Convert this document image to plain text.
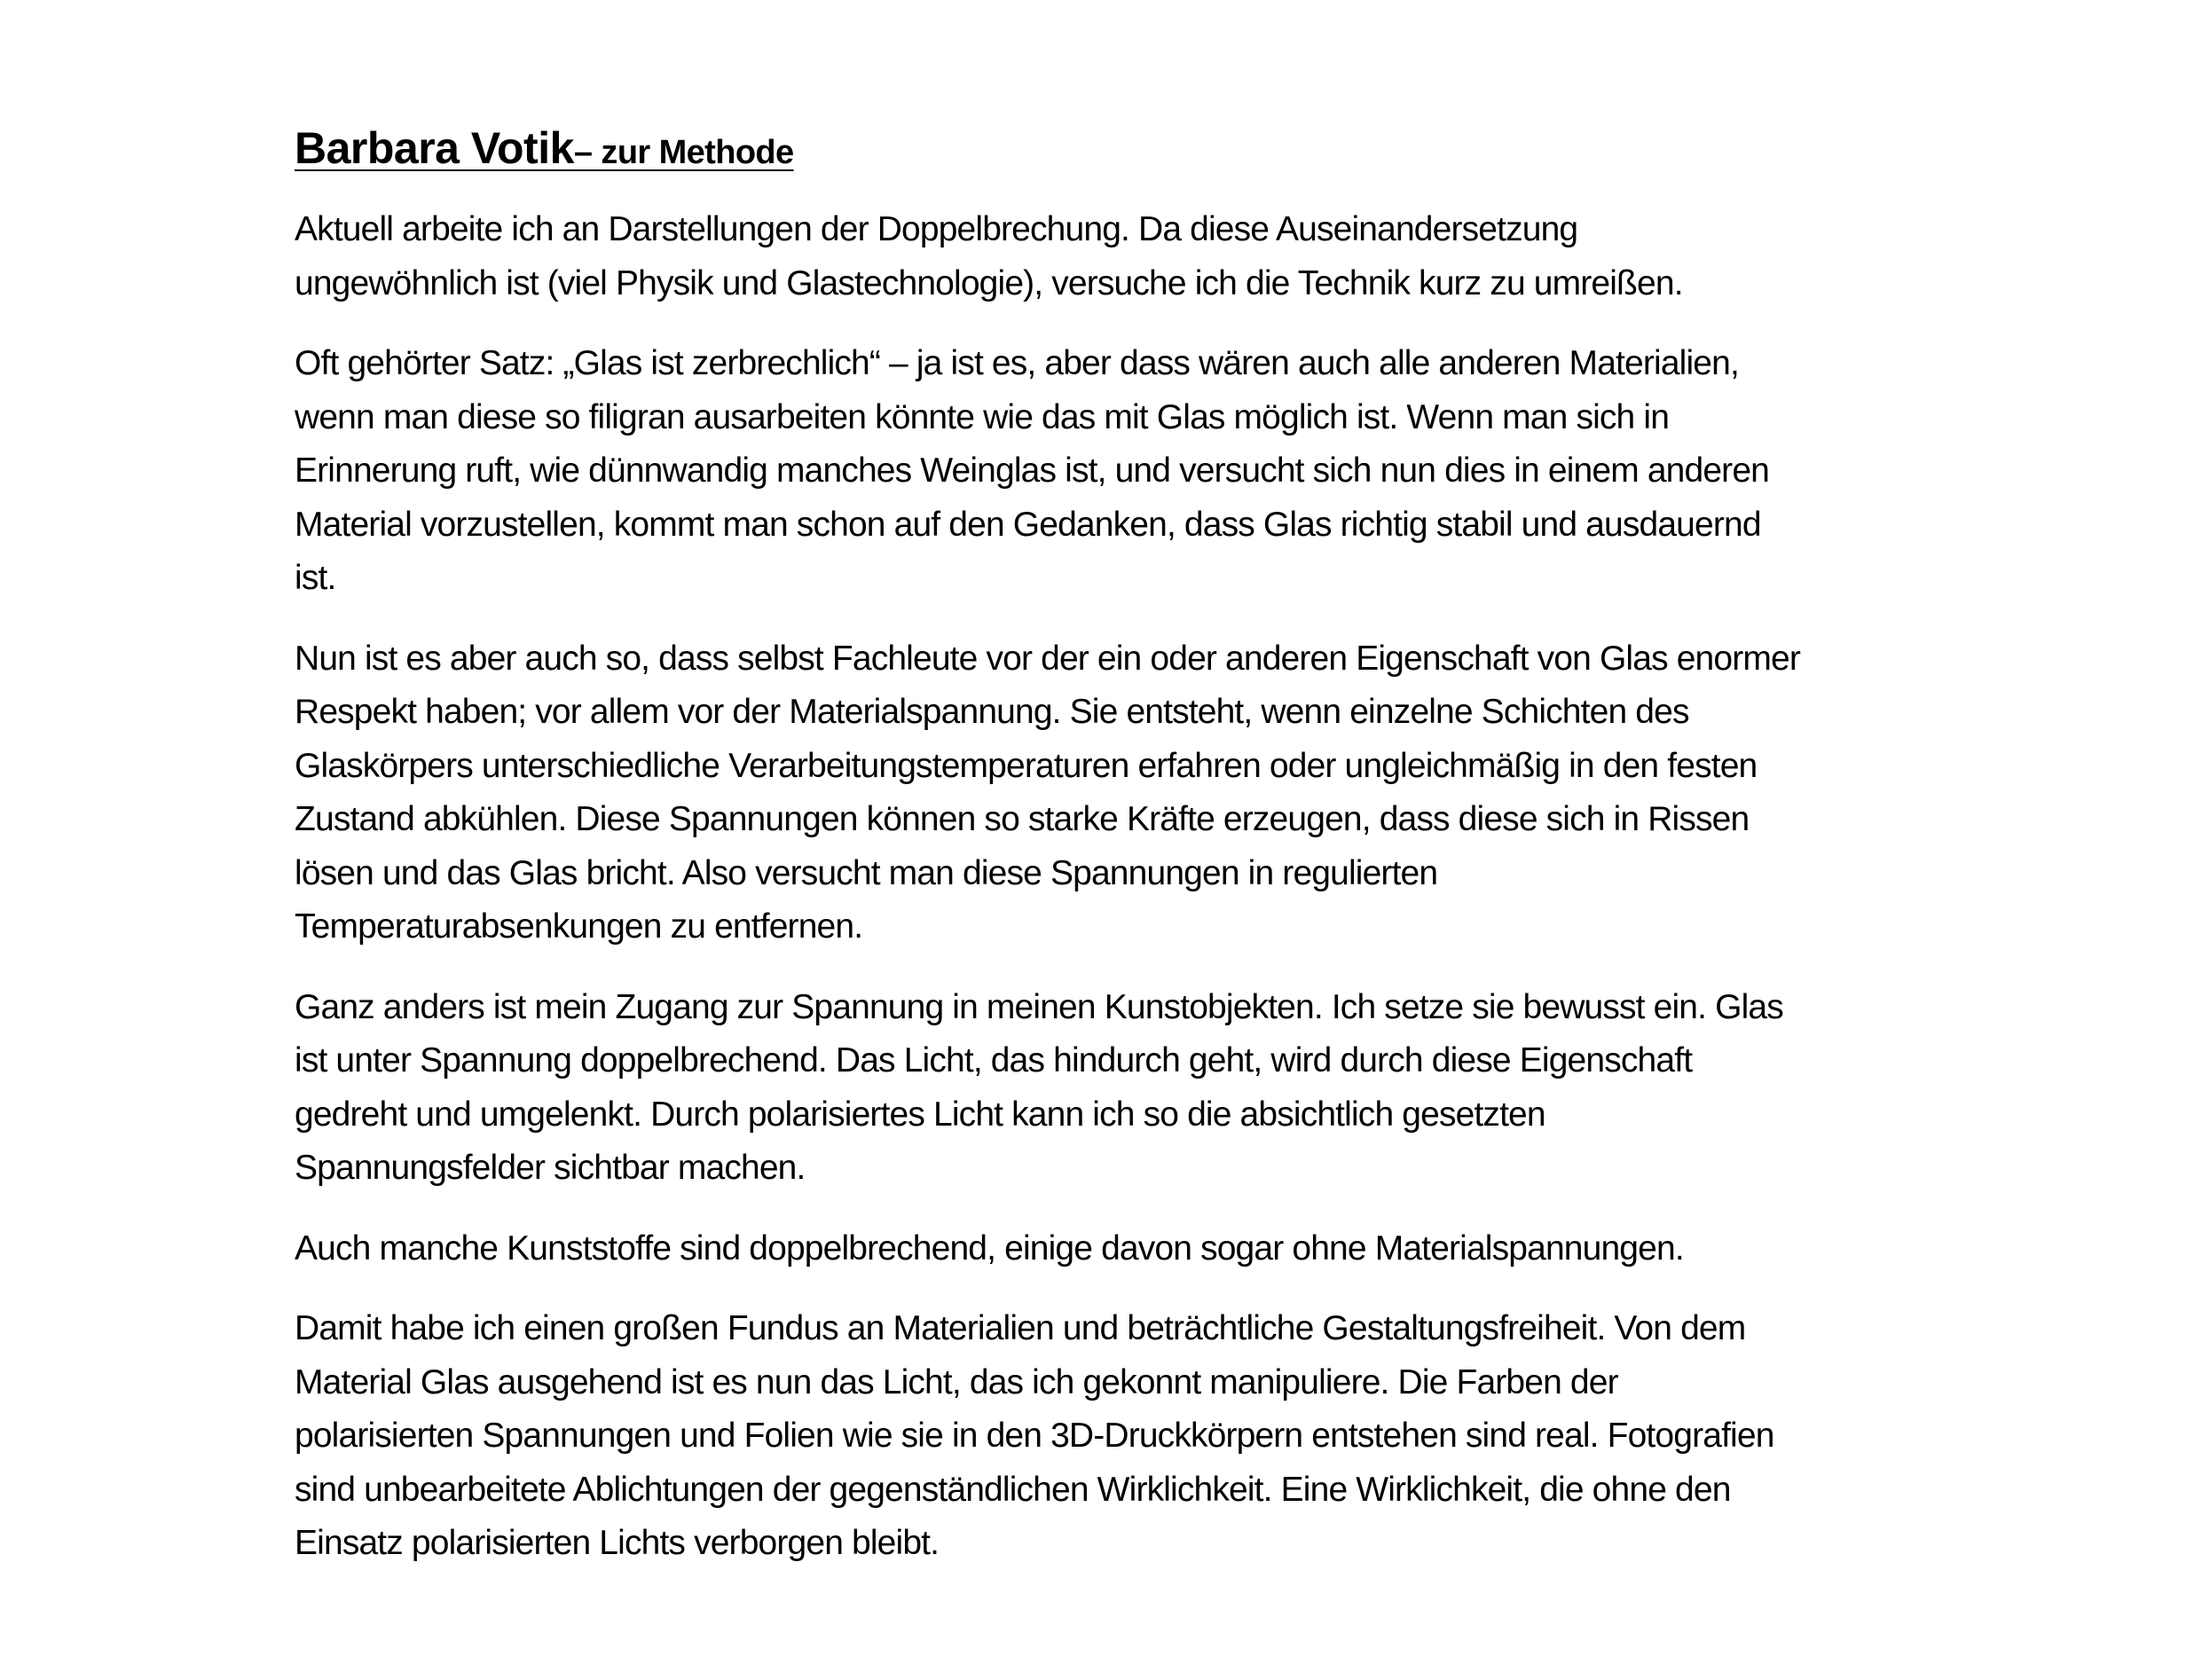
Barbara Votik– zur Methode

Aktuell arbeite ich an Darstellungen der Doppelbrechung. Da diese Auseinandersetzung
ungewöhnlich ist (viel Physik und Glastechnologie), versuche ich die Technik kurz zu umreißen.

Oft gehörter Satz: „Glas ist zerbrechlich“ – ja ist es, aber dass wären auch alle anderen Materialien,
wenn man diese so filigran ausarbeiten könnte wie das mit Glas möglich ist. Wenn man sich in
Erinnerung ruft, wie dünnwandig manches Weinglas ist, und versucht sich nun dies in einem anderen
Material vorzustellen, kommt man schon auf den Gedanken, dass Glas richtig stabil und ausdauernd
ist.

Nun ist es aber auch so, dass selbst Fachleute vor der ein oder anderen Eigenschaft von Glas enormer
Respekt haben; vor allem vor der Materialspannung. Sie entsteht, wenn einzelne Schichten des
Glaskörpers unterschiedliche Verarbeitungstemperaturen erfahren oder ungleichmäßig in den festen
Zustand abkühlen. Diese Spannungen können so starke Kräfte erzeugen, dass diese sich in Rissen
lösen und das Glas bricht. Also versucht man diese Spannungen in regulierten
Temperaturabsenkungen zu entfernen.

Ganz anders ist mein Zugang zur Spannung in meinen Kunstobjekten. Ich setze sie bewusst ein. Glas
ist unter Spannung doppelbrechend. Das Licht, das hindurch geht, wird durch diese Eigenschaft
gedreht und umgelenkt. Durch polarisiertes Licht kann ich so die absichtlich gesetzten
Spannungsfelder sichtbar machen.

Auch manche Kunststoffe sind doppelbrechend, einige davon sogar ohne Materialspannungen.

Damit habe ich einen großen Fundus an Materialien und beträchtliche Gestaltungsfreiheit. Von dem
Material Glas ausgehend ist es nun das Licht, das ich gekonnt manipuliere. Die Farben der
polarisierten Spannungen und Folien wie sie in den 3D-Druckkörpern entstehen sind real. Fotografien
sind unbearbeitete Ablichtungen der gegenständlichen Wirklichkeit. Eine Wirklichkeit, die ohne den
Einsatz polarisierten Lichts verborgen bleibt.
